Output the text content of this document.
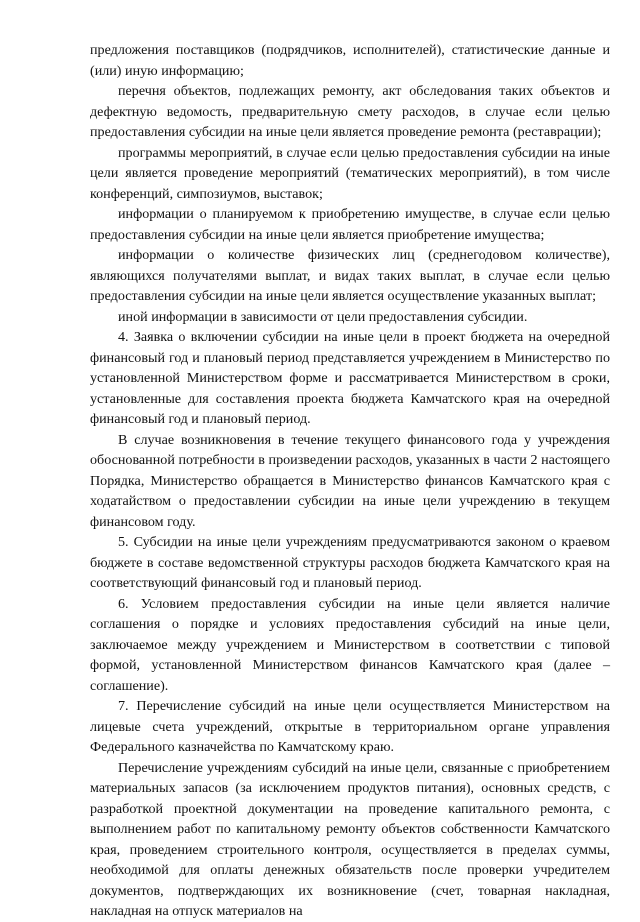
предложения поставщиков (подрядчиков, исполнителей), статистические данные и (или) иную информацию;

перечня объектов, подлежащих ремонту, акт обследования таких объектов и дефектную ведомость, предварительную смету расходов, в случае если целью предоставления субсидии на иные цели является проведение ремонта (реставрации);

программы мероприятий, в случае если целью предоставления субсидии на иные цели является проведение мероприятий (тематических мероприятий), в том числе конференций, симпозиумов, выставок;

информации о планируемом к приобретению имуществе, в случае если целью предоставления субсидии на иные цели является приобретение имущества;

информации о количестве физических лиц (среднегодовом количестве), являющихся получателями выплат, и видах таких выплат, в случае если целью предоставления субсидии на иные цели является осуществление указанных выплат;

иной информации в зависимости от цели предоставления субсидии.

4. Заявка о включении субсидии на иные цели в проект бюджета на очередной финансовый год и плановый период представляется учреждением в Министерство по установленной Министерством форме и рассматривается Министерством в сроки, установленные для составления проекта бюджета Камчатского края на очередной финансовый год и плановый период.

В случае возникновения в течение текущего финансового года у учреждения обоснованной потребности в произведении расходов, указанных в части 2 настоящего Порядка, Министерство обращается в Министерство финансов Камчатского края с ходатайством о предоставлении субсидии на иные цели учреждению в текущем финансовом году.

5. Субсидии на иные цели учреждениям предусматриваются законом о краевом бюджете в составе ведомственной структуры расходов бюджета Камчатского края на соответствующий финансовый год и плановый период.

6. Условием предоставления субсидии на иные цели является наличие соглашения о порядке и условиях предоставления субсидий на иные цели, заключаемое между учреждением и Министерством в соответствии с типовой формой, установленной Министерством финансов Камчатского края (далее – соглашение).

7. Перечисление субсидий на иные цели осуществляется Министерством на лицевые счета учреждений, открытые в территориальном органе управления Федерального казначейства по Камчатскому краю.

Перечисление учреждениям субсидий на иные цели, связанные с приобретением материальных запасов (за исключением продуктов питания), основных средств, с разработкой проектной документации на проведение капитального ремонта, с выполнением работ по капитальному ремонту объектов собственности Камчатского края, проведением строительного контроля, осуществляется в пределах суммы, необходимой для оплаты денежных обязательств после проверки учредителем документов, подтверждающих их возникновение (счет, товарная накладная, накладная на отпуск материалов на
